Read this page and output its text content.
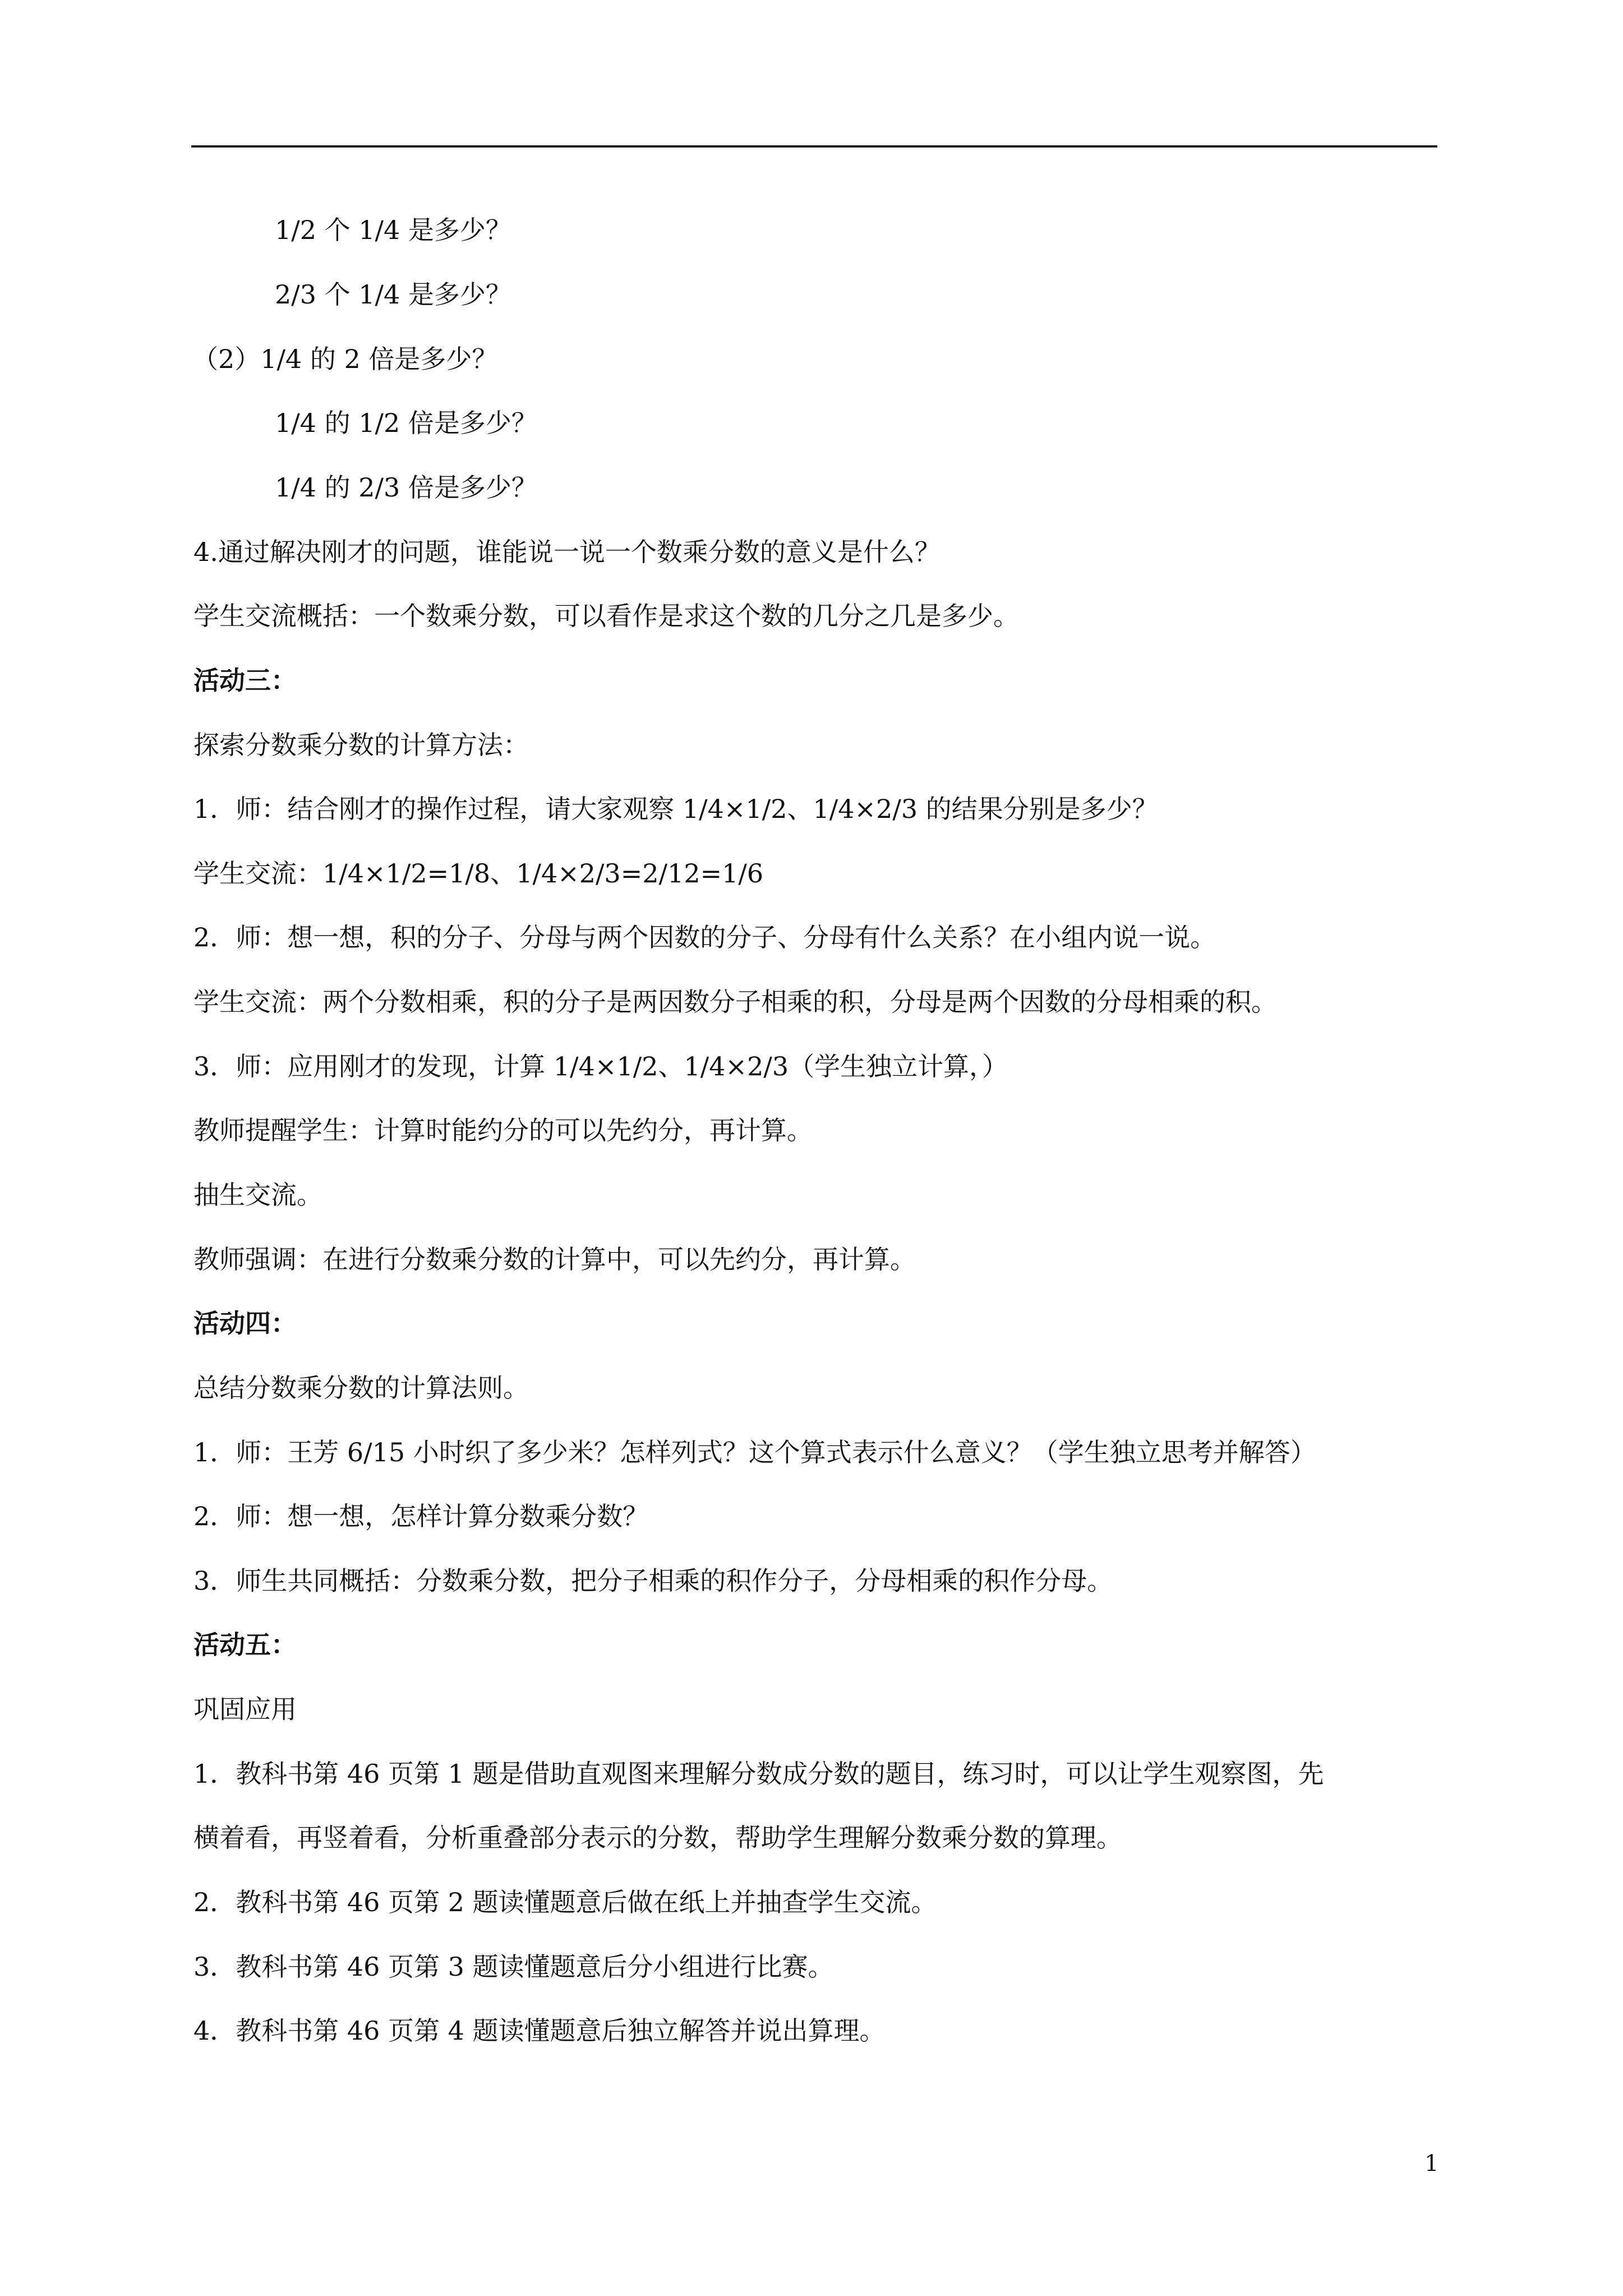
1/2 个 1/4 是多少？
2/3 个 1/4 是多少？
（2）1/4 的 2 倍是多少？
1/4 的 1/2 倍是多少？
1/4 的 2/3 倍是多少？
4.通过解决刚才的问题，谁能说一说一个数乘分数的意义是什么？
学生交流概括：一个数乘分数，可以看作是求这个数的几分之几是多少。
活动三：
探索分数乘分数的计算方法：
1．师：结合刚才的操作过程，请大家观察 1/4×1/2、1/4×2/3 的结果分别是多少？
学生交流：1/4×1/2=1/8、1/4×2/3=2/12=1/6
2．师：想一想，积的分子、分母与两个因数的分子、分母有什么关系？在小组内说一说。
学生交流：两个分数相乘，积的分子是两因数分子相乘的积，分母是两个因数的分母相乘的积。
3．师：应用刚才的发现，计算 1/4×1/2、1/4×2/3（学生独立计算，）
教师提醒学生：计算时能约分的可以先约分，再计算。
抽生交流。
教师强调：在进行分数乘分数的计算中，可以先约分，再计算。
活动四：
总结分数乘分数的计算法则。
1．师：王芳 6/15 小时织了多少米？怎样列式？这个算式表示什么意义？（学生独立思考并解答）
2．师：想一想，怎样计算分数乘分数？
3．师生共同概括：分数乘分数，把分子相乘的积作分子，分母相乘的积作分母。
活动五：
巩固应用
1．教科书第 46 页第 1 题是借助直观图来理解分数成分数的题目，练习时，可以让学生观察图，先
横着看，再竖着看，分析重叠部分表示的分数，帮助学生理解分数乘分数的算理。
2．教科书第 46 页第 2 题读懂题意后做在纸上并抽查学生交流。
3．教科书第 46 页第 3 题读懂题意后分小组进行比赛。
4．教科书第 46 页第 4 题读懂题意后独立解答并说出算理。
1
